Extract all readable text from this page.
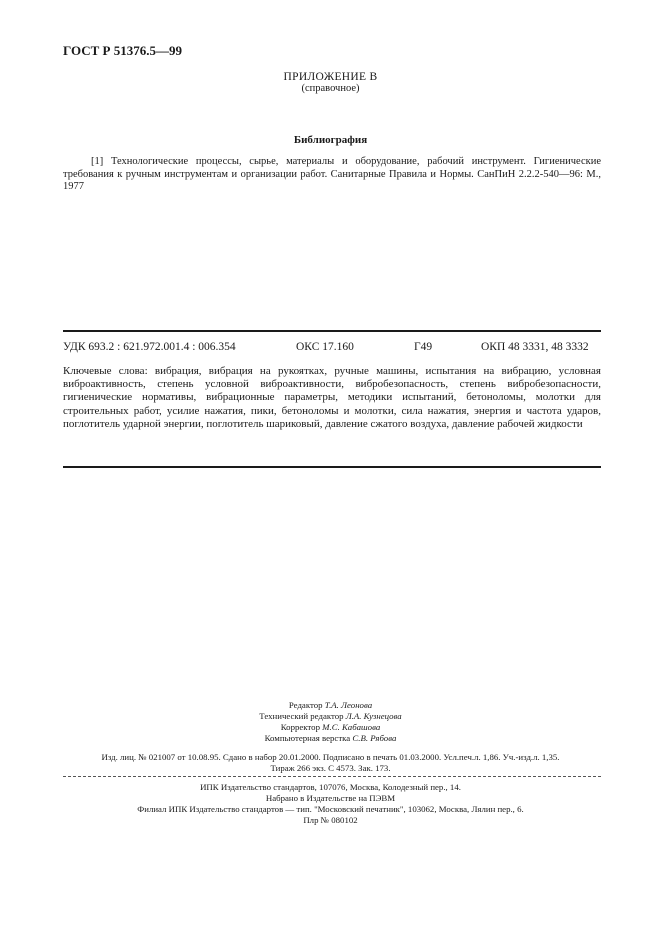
ГОСТ Р 51376.5—99
ПРИЛОЖЕНИЕ В
(справочное)
Библиография
[1] Технологические процессы, сырье, материалы и оборудование, рабочий инструмент. Гигиенические требования к ручным инструментам и организации работ. Санитарные Правила и Нормы. СанПиН 2.2.2-540—96: М., 1977
УДК 693.2 : 621.972.001.4 : 006.354	ОКС 17.160	Г49	ОКП 48 3331, 48 3332
Ключевые слова: вибрация, вибрация на рукоятках, ручные машины, испытания на вибрацию, условная виброактивность, степень условной виброактивности, вибробезопасность, степень вибробезопасности, гигиенические нормативы, вибрационные параметры, методики испытаний, бетоноломы, молотки для строительных работ, усилие нажатия, пики, бетоноломы и молотки, сила нажатия, энергия и частота ударов, поглотитель ударной энергии, поглотитель шариковый, давление сжатого воздуха, давление рабочей жидкости
Редактор Т.А. Леонова
Технический редактор Л.А. Кузнецова
Корректор М.С. Кабашова
Компьютерная верстка С.В. Рябова
Изд. лиц. № 021007 от 10.08.95. Сдано в набор 20.01.2000. Подписано в печать 01.03.2000. Усл.печ.л. 1,86. Уч.-изд.л. 1,35.
Тираж 266 экз. С 4573. Зак. 173.
ИПК Издательство стандартов, 107076, Москва, Колодезный пер., 14.
Набрано в Издательстве на ПЭВМ
Филиал ИПК Издательство стандартов — тип. "Московский печатник", 103062, Москва, Лялин пер., 6.
Плр № 080102
